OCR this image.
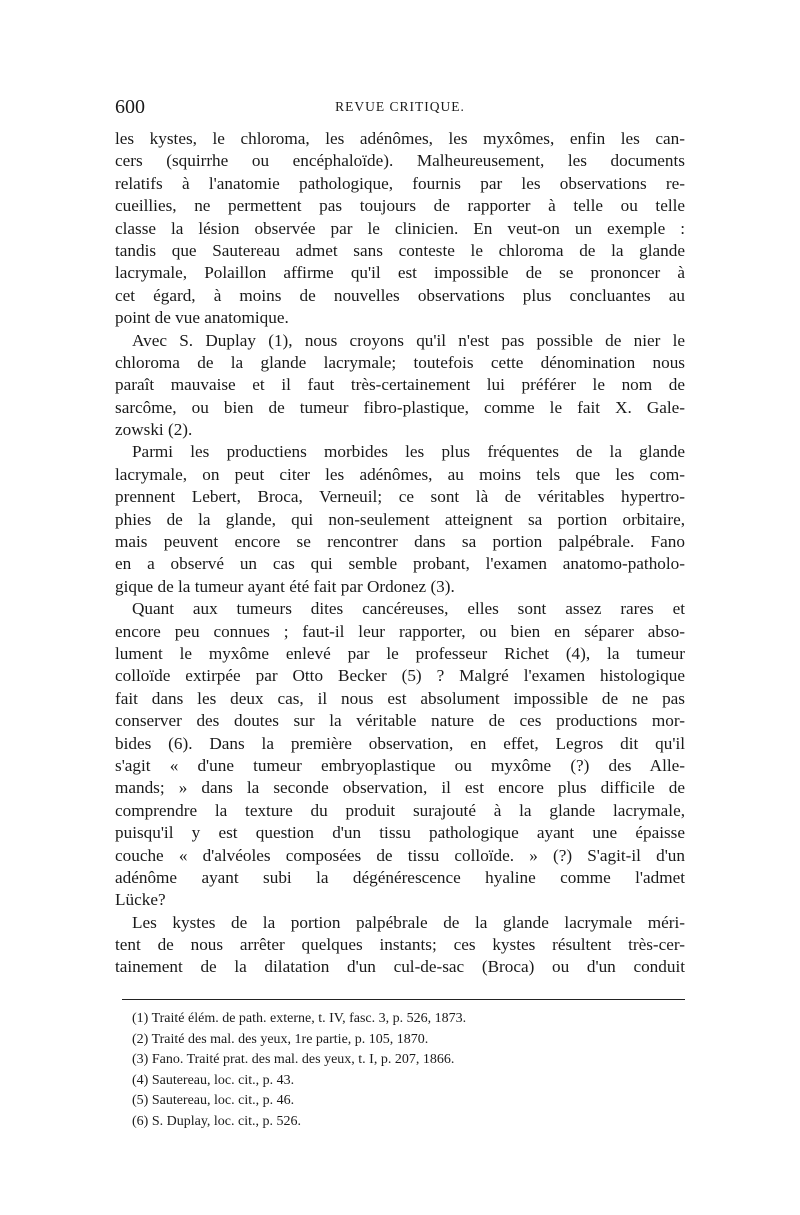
600	REVUE CRITIQUE.
les kystes, le chloroma, les adénômes, les myxômes, enfin les can-
cers (squirrhe ou encéphaloïde). Malheureusement, les documents
relatifs à l'anatomie pathologique, fournis par les observations re-
cueillies, ne permettent pas toujours de rapporter à telle ou telle
classe la lésion observée par le clinicien. En veut-on un exemple :
tandis que Sautereau admet sans conteste le chloroma de la glande
lacrymale, Polaillon affirme qu'il est impossible de se prononcer à
cet égard, à moins de nouvelles observations plus concluantes au
point de vue anatomique.
Avec S. Duplay (1), nous croyons qu'il n'est pas possible de nier le
chloroma de la glande lacrymale; toutefois cette dénomination nous
paraît mauvaise et il faut très-certainement lui préférer le nom de
sarcôme, ou bien de tumeur fibro-plastique, comme le fait X. Gale-
zowski (2).
Parmi les productiens morbides les plus fréquentes de la glande
lacrymale, on peut citer les adénômes, au moins tels que les com-
prennent Lebert, Broca, Verneuil; ce sont là de véritables hypertro-
phies de la glande, qui non-seulement atteignent sa portion orbitaire,
mais peuvent encore se rencontrer dans sa portion palpébrale. Fano
en a observé un cas qui semble probant, l'examen anatomo-patholo-
gique de la tumeur ayant été fait par Ordonez (3).
Quant aux tumeurs dites cancéreuses, elles sont assez rares et
encore peu connues ; faut-il leur rapporter, ou bien en séparer abso-
lument le myxôme enlevé par le professeur Richet (4), la tumeur
colloïde extirpée par Otto Becker (5) ? Malgré l'examen histologique
fait dans les deux cas, il nous est absolument impossible de ne pas
conserver des doutes sur la véritable nature de ces productions mor-
bides (6). Dans la première observation, en effet, Legros dit qu'il
s'agit « d'une tumeur embryoplastique ou myxôme (?) des Alle-
mands; » dans la seconde observation, il est encore plus difficile de
comprendre la texture du produit surajouté à la glande lacrymale,
puisqu'il y est question d'un tissu pathologique ayant une épaisse
couche « d'alvéoles composées de tissu colloïde. » (?) S'agit-il d'un
adénôme ayant subi la dégénérescence hyaline comme l'admet
Lücke?
Les kystes de la portion palpébrale de la glande lacrymale méri-
tent de nous arrêter quelques instants; ces kystes résultent très-cer-
tainement de la dilatation d'un cul-de-sac (Broca) ou d'un conduit
(1) Traité élém. de path. externe, t. IV, fasc. 3, p. 526, 1873.
(2) Traité des mal. des yeux, 1re partie, p. 105, 1870.
(3) Fano. Traité prat. des mal. des yeux, t. I, p. 207, 1866.
(4) Sautereau, loc. cit., p. 43.
(5) Sautereau, loc. cit., p. 46.
(6) S. Duplay, loc. cit., p. 526.
